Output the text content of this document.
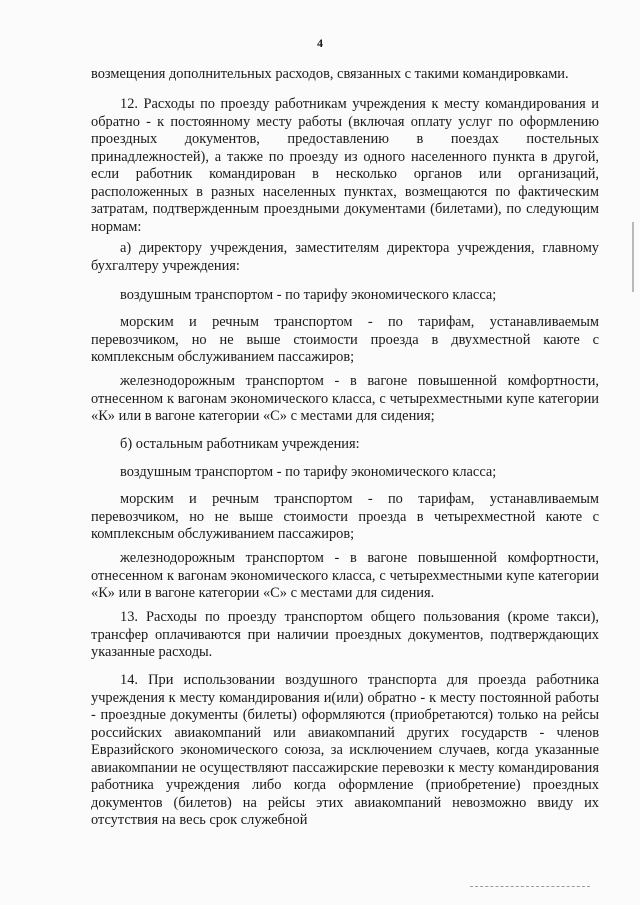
4

возмещения дополнительных расходов, связанных с такими командировками.

12. Расходы по проезду работникам учреждения к месту командирования и обратно - к постоянному месту работы (включая оплату услуг по оформлению проездных документов, предоставлению в поездах постельных принадлежностей), а также по проезду из одного населенного пункта в другой, если работник командирован в несколько органов или организаций, расположенных в разных населенных пунктах, возмещаются по фактическим затратам, подтвержденным проездными документами (билетами), по следующим нормам:

а) директору учреждения, заместителям директора учреждения, главному бухгалтеру учреждения:

воздушным транспортом - по тарифу экономического класса;

морским и речным транспортом - по тарифам, устанавливаемым перевозчиком, но не выше стоимости проезда в двухместной каюте с комплексным обслуживанием пассажиров;

железнодорожным транспортом - в вагоне повышенной комфортности, отнесенном к вагонам экономического класса, с четырехместными купе категории «К» или в вагоне категории «С» с местами для сидения;

б) остальным работникам учреждения:

воздушным транспортом - по тарифу экономического класса;

морским и речным транспортом - по тарифам, устанавливаемым перевозчиком, но не выше стоимости проезда в четырехместной каюте с комплексным обслуживанием пассажиров;

железнодорожным транспортом - в вагоне повышенной комфортности, отнесенном к вагонам экономического класса, с четырехместными купе категории «К» или в вагоне категории «С» с местами для сидения.

13. Расходы по проезду транспортом общего пользования (кроме такси), трансфер оплачиваются при наличии проездных документов, подтверждающих указанные расходы.

14. При использовании воздушного транспорта для проезда работника учреждения к месту командирования и(или) обратно - к месту постоянной работы - проездные документы (билеты) оформляются (приобретаются) только на рейсы российских авиакомпаний или авиакомпаний других государств - членов Евразийского экономического союза, за исключением случаев, когда указанные авиакомпании не осуществляют пассажирские перевозки к месту командирования работника учреждения либо когда оформление (приобретение) проездных документов (билетов) на рейсы этих авиакомпаний невозможно ввиду их отсутствия на весь срок служебной
